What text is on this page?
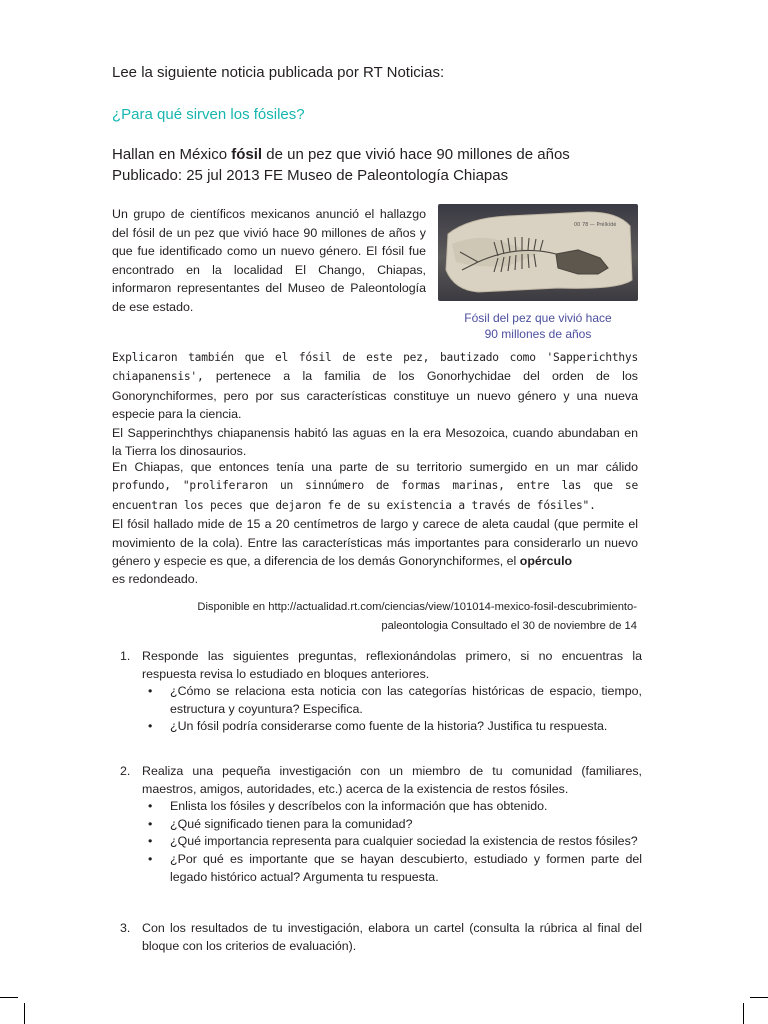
Lee la siguiente noticia publicada por RT Noticias:
¿Para qué sirven los fósiles?
Hallan en México fósil de un pez que vivió hace 90 millones de años
Publicado: 25 jul 2013 FE Museo de Paleontología Chiapas
Un grupo de científicos mexicanos anunció el hallazgo del fósil de un pez que vivió hace 90 millones de años y que fue identificado como un nuevo género. El fósil fue encontrado en la localidad El Chango, Chiapas, informaron representantes del Museo de Paleontología de ese estado.
00 78 — Prélkídé
Fósil del pez que vivió hace
90 millones de años
Explicaron también que el fósil de este pez, bautizado como 'Sapperichthys chiapanensis', pertenece a la familia de los Gonorhychidae del orden de los Gonorynchiformes, pero por sus características constituye un nuevo género y una nueva especie para la ciencia.
El Sapperinchthys chiapanensis habitó las aguas en la era Mesozoica, cuando abundaban en la Tierra los dinosaurios.
En Chiapas, que entonces tenía una parte de su territorio sumergido en un mar cálido profundo, "proliferaron un sinnúmero de formas marinas, entre las que se encuentran los peces que dejaron fe de su existencia a través de fósiles".
El fósil hallado mide de 15 a 20 centímetros de largo y carece de aleta caudal (que permite el movimiento de la cola). Entre las características más importantes para considerarlo un nuevo género y especie es que, a diferencia de los demás Gonorynchiformes, el opérculo
es redondeado.
Disponible en http://actualidad.rt.com/ciencias/view/101014-mexico-fosil-descubrimiento-
paleontologia Consultado el 30 de noviembre de 14
1. Responde las siguientes preguntas, reflexionándolas primero, si no encuentras la respuesta revisa lo estudiado en bloques anteriores.
• ¿Cómo se relaciona esta noticia con las categorías históricas de espacio, tiempo, estructura y coyuntura? Especifica.
• ¿Un fósil podría considerarse como fuente de la historia? Justifica tu respuesta.
2. Realiza una pequeña investigación con un miembro de tu comunidad (familiares, maestros, amigos, autoridades, etc.) acerca de la existencia de restos fósiles.
• Enlista los fósiles y descríbelos con la información que has obtenido.
• ¿Qué significado tienen para la comunidad?
• ¿Qué importancia representa para cualquier sociedad la existencia de restos fósiles?
• ¿Por qué es importante que se hayan descubierto, estudiado y formen parte del legado histórico actual? Argumenta tu respuesta.
3. Con los resultados de tu investigación, elabora un cartel (consulta la rúbrica al final del bloque con los criterios de evaluación).
